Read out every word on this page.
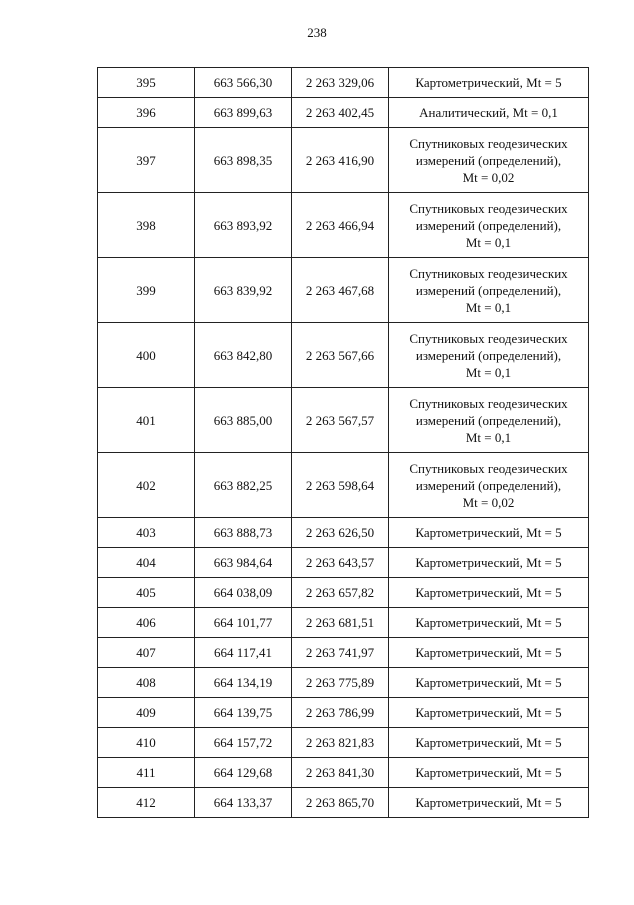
238
395	663 566,30	2 263 329,06	Картометрический, Mt = 5

396	663 899,63	2 263 402,45	Аналитический, Mt = 0,1

397	663 898,35	2 263 416,90	Спутниковых геодезических
измерений (определений),
Mt = 0,02

398	663 893,92	2 263 466,94	Спутниковых геодезических
измерений (определений),
Mt = 0,1

399	663 839,92	2 263 467,68	Спутниковых геодезических
измерений (определений),
Mt = 0,1

400	663 842,80	2 263 567,66	Спутниковых геодезических
измерений (определений),
Mt = 0,1

401	663 885,00	2 263 567,57	Спутниковых геодезических
измерений (определений),
Mt = 0,1

402	663 882,25	2 263 598,64	Спутниковых геодезических
измерений (определений),
Mt = 0,02

403	663 888,73	2 263 626,50	Картометрический, Mt = 5

404	663 984,64	2 263 643,57	Картометрический, Mt = 5

405	664 038,09	2 263 657,82	Картометрический, Mt = 5

406	664 101,77	2 263 681,51	Картометрический, Mt = 5

407	664 117,41	2 263 741,97	Картометрический, Mt = 5

408	664 134,19	2 263 775,89	Картометрический, Mt = 5

409	664 139,75	2 263 786,99	Картометрический, Mt = 5

410	664 157,72	2 263 821,83	Картометрический, Mt = 5

411	664 129,68	2 263 841,30	Картометрический, Mt = 5

412	664 133,37	2 263 865,70	Картометрический, Mt = 5
